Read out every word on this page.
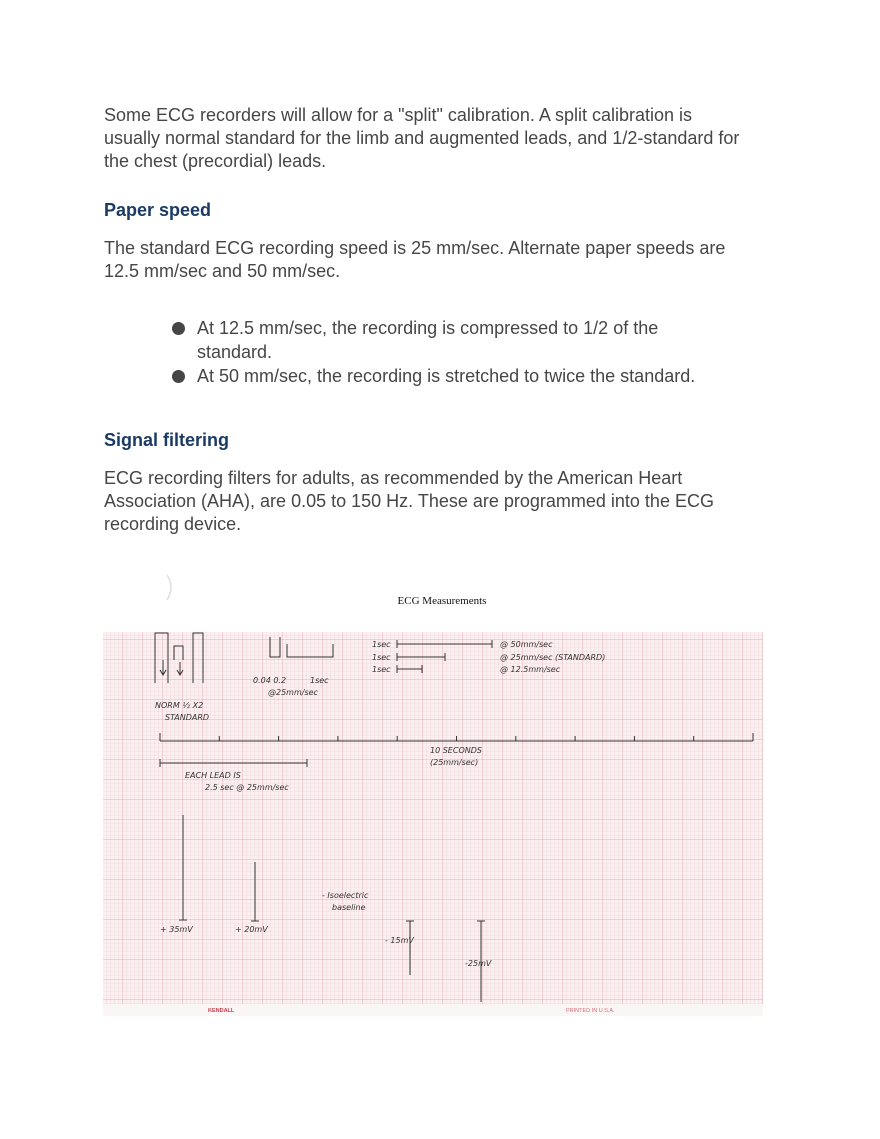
Some ECG recorders will allow for a "split" calibration. A split calibration is usually normal standard for the limb and augmented leads, and 1/2-standard for the chest (precordial) leads.

Paper speed

The standard ECG recording speed is 25 mm/sec. Alternate paper speeds are 12.5 mm/sec and 50 mm/sec.

At 12.5 mm/sec, the recording is compressed to 1/2 of the standard.
At 50 mm/sec, the recording is stretched to twice the standard.
Signal filtering

ECG recording filters for adults, as recommended by the American Heart Association (AHA), are 0.05 to 150 Hz. These are programmed into the ECG recording device.

ECG Measurements
NORM ½ X2
STANDARD
0.04 0.2	1sec
@25mm/sec
1sec
1sec
1sec
@ 50mm/sec
@ 25mm/sec (STANDARD)
@ 12.5mm/sec
10 SECONDS
(25mm/sec)
EACH LEAD IS
2.5 sec @ 25mm/sec
+ 35mV	+ 20mV
- Isoelectric
baseline
- 15mV
-25mV
KENDALL	PRINTED IN U.S.A.
